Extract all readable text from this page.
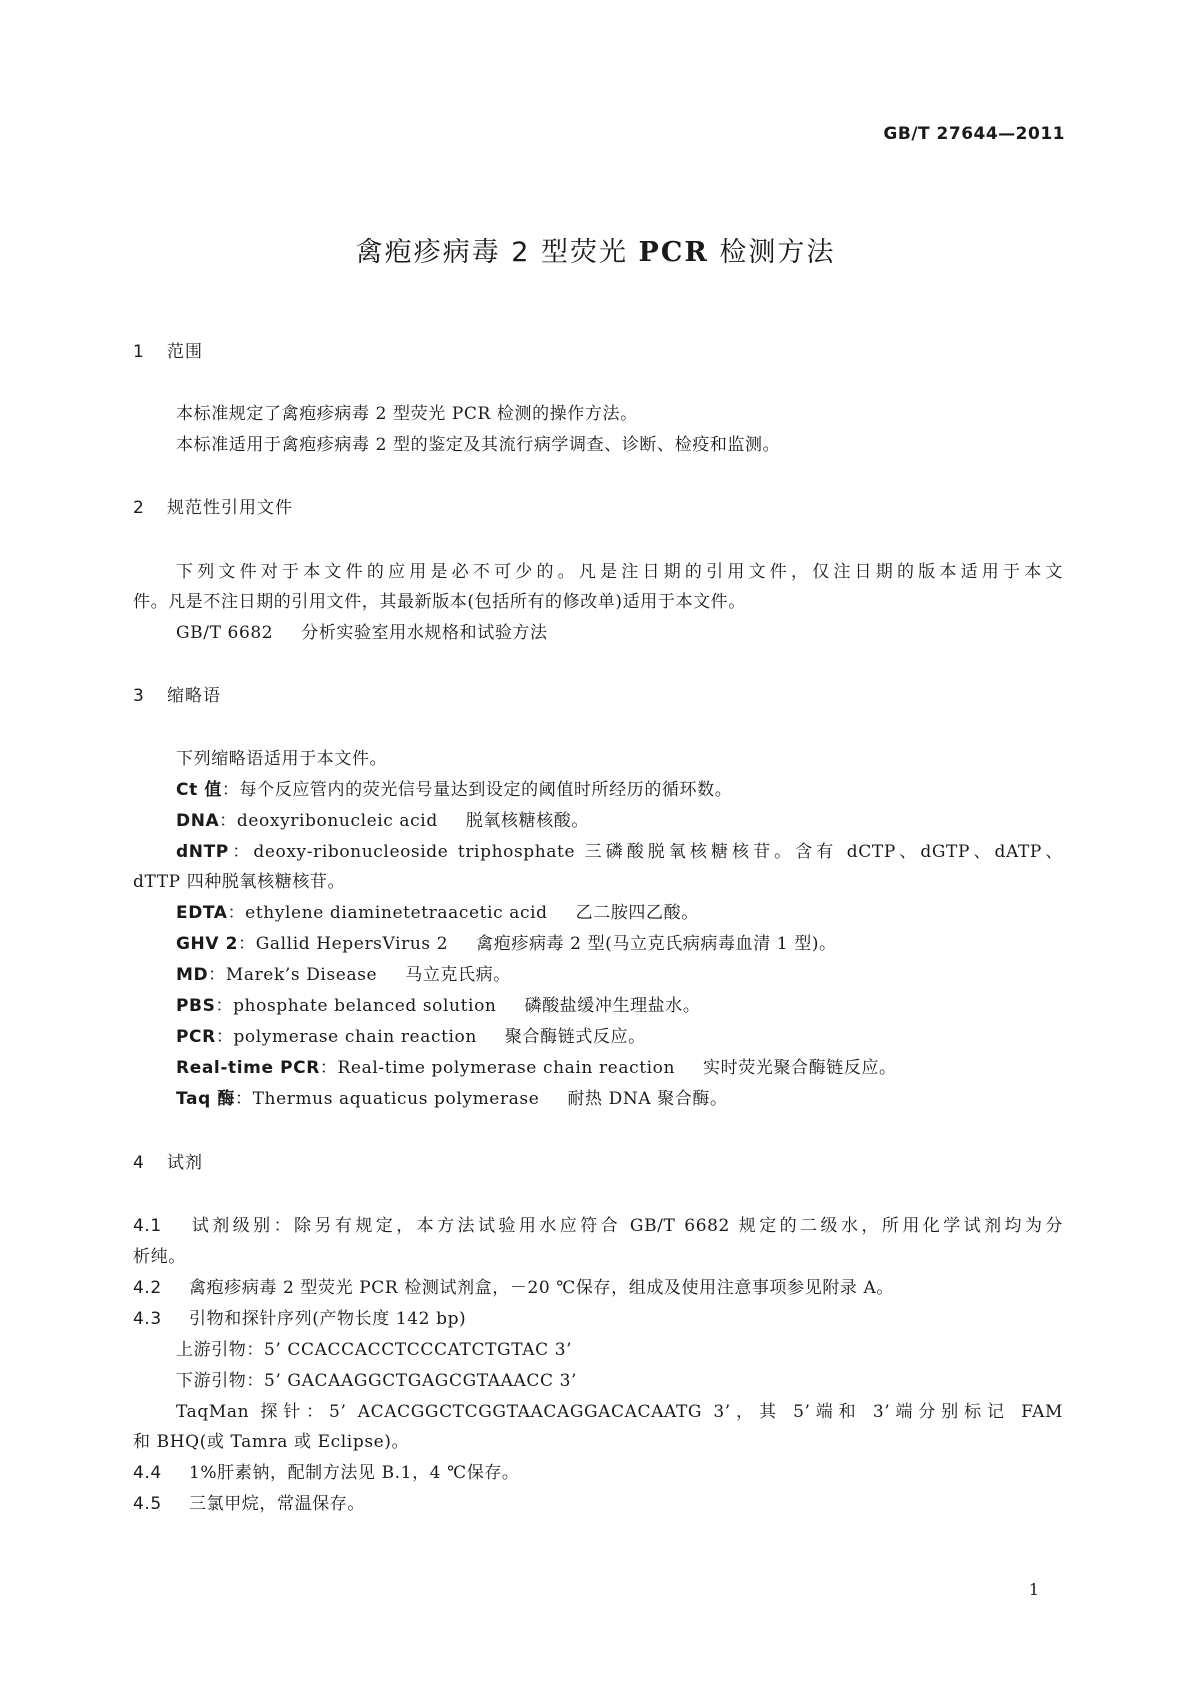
GB/T 27644—2011
禽疱疹病毒 2 型荧光 PCR 检测方法
1 范围
本标准规定了禽疱疹病毒 2 型荧光 PCR 检测的操作方法。
本标准适用于禽疱疹病毒 2 型的鉴定及其流行病学调查、诊断、检疫和监测。
2 规范性引用文件
下列文件对于本文件的应用是必不可少的。凡是注日期的引用文件，仅注日期的版本适用于本文
件。凡是不注日期的引用文件，其最新版本(包括所有的修改单)适用于本文件。
GB/T 6682 分析实验室用水规格和试验方法
3 缩略语
下列缩略语适用于本文件。
Ct 值：每个反应管内的荧光信号量达到设定的阈值时所经历的循环数。
DNA：deoxyribonucleic acid 脱氧核糖核酸。
dNTP：deoxy-ribonucleoside triphosphate 三磷酸脱氧核糖核苷。含有 dCTP、dGTP、dATP、
dTTP 四种脱氧核糖核苷。
EDTA：ethylene diaminetetraacetic acid 乙二胺四乙酸。
GHV 2：Gallid HepersVirus 2 禽疱疹病毒 2 型(马立克氏病病毒血清 1 型)。
MD：Marek’s Disease 马立克氏病。
PBS：phosphate belanced solution 磷酸盐缓冲生理盐水。
PCR：polymerase chain reaction 聚合酶链式反应。
Real-time PCR：Real-time polymerase chain reaction 实时荧光聚合酶链反应。
Taq 酶：Thermus aquaticus polymerase 耐热 DNA 聚合酶。
4 试剂
4.1 试剂级别：除另有规定，本方法试验用水应符合 GB/T 6682 规定的二级水，所用化学试剂均为分
析纯。
4.2 禽疱疹病毒 2 型荧光 PCR 检测试剂盒，－20 ℃保存，组成及使用注意事项参见附录 A。
4.3 引物和探针序列(产物长度 142 bp)
上游引物：5’ CCACCACCTCCCATCTGTAC 3’
下游引物：5’ GACAAGGCTGAGCGTAAACC 3’
TaqMan 探针：5’ ACACGGCTCGGTAACAGGACACAATG 3’，其 5’端和 3’端分别标记 FAM
和 BHQ(或 Tamra 或 Eclipse)。
4.4 1%肝素钠，配制方法见 B.1，4 ℃保存。
4.5 三氯甲烷，常温保存。
1
